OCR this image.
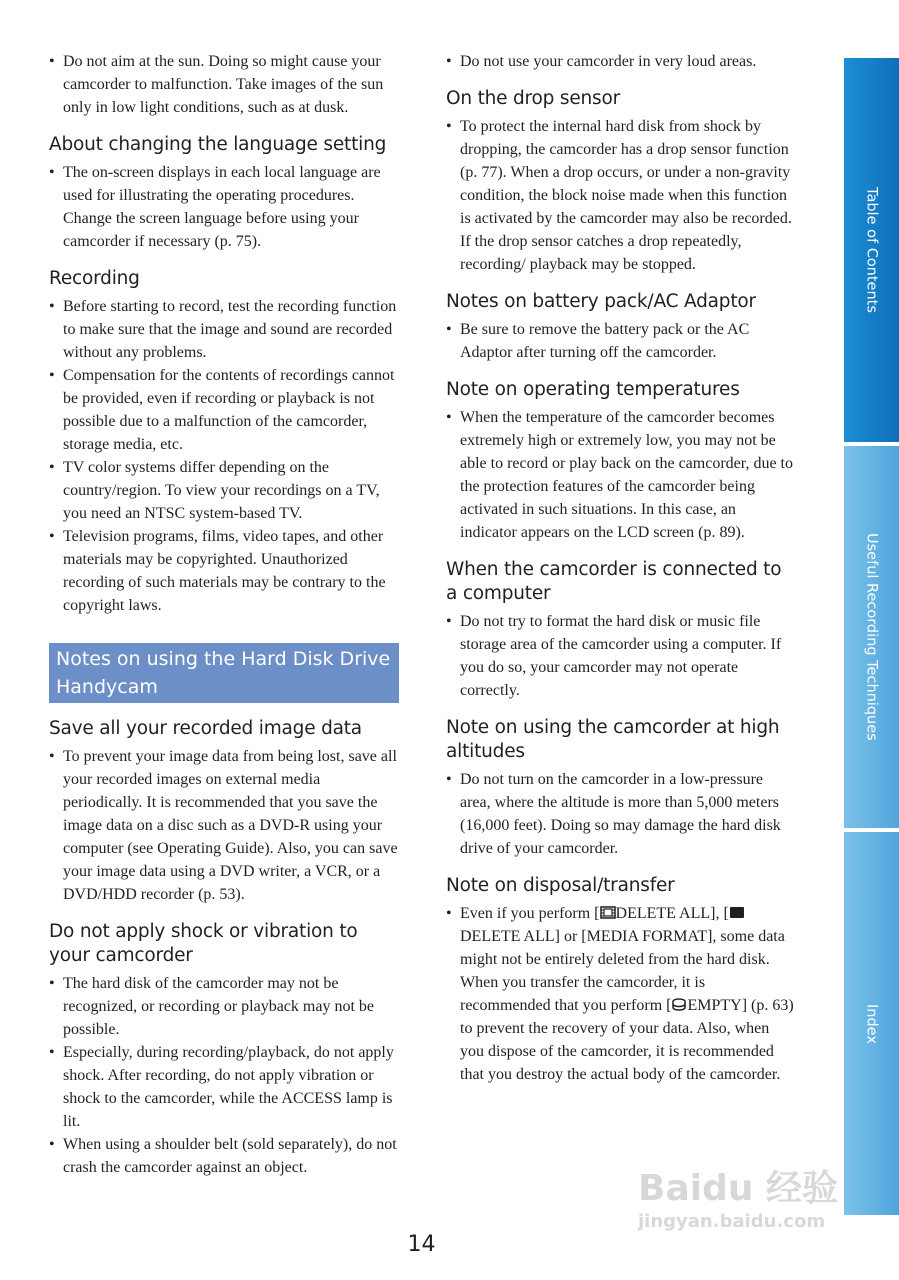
• Do not aim at the sun. Doing so might cause your camcorder to malfunction. Take images of the sun only in low light conditions, such as at dusk.
About changing the language setting
• The on-screen displays in each local language are used for illustrating the operating procedures. Change the screen language before using your camcorder if necessary (p. 75).
Recording
• Before starting to record, test the recording function to make sure that the image and sound are recorded without any problems.
• Compensation for the contents of recordings cannot be provided, even if recording or playback is not possible due to a malfunction of the camcorder, storage media, etc.
• TV color systems differ depending on the country/region. To view your recordings on a TV, you need an NTSC system-based TV.
• Television programs, films, video tapes, and other materials may be copyrighted. Unauthorized recording of such materials may be contrary to the copyright laws.
Notes on using the Hard Disk Drive Handycam
Save all your recorded image data
• To prevent your image data from being lost, save all your recorded images on external media periodically. It is recommended that you save the image data on a disc such as a DVD-R using your computer (see Operating Guide). Also, you can save your image data using a DVD writer, a VCR, or a DVD/HDD recorder (p. 53).
Do not apply shock or vibration to your camcorder
• The hard disk of the camcorder may not be recognized, or recording or playback may not be possible.
• Especially, during recording/playback, do not apply shock. After recording, do not apply vibration or shock to the camcorder, while the ACCESS lamp is lit.
• When using a shoulder belt (sold separately), do not crash the camcorder against an object.
• Do not use your camcorder in very loud areas.
On the drop sensor
• To protect the internal hard disk from shock by dropping, the camcorder has a drop sensor function (p. 77). When a drop occurs, or under a non-gravity condition, the block noise made when this function is activated by the camcorder may also be recorded. If the drop sensor catches a drop repeatedly, recording/ playback may be stopped.
Notes on battery pack/AC Adaptor
• Be sure to remove the battery pack or the AC Adaptor after turning off the camcorder.
Note on operating temperatures
• When the temperature of the camcorder becomes extremely high or extremely low, you may not be able to record or play back on the camcorder, due to the protection features of the camcorder being activated in such situations. In this case, an indicator appears on the LCD screen (p. 89).
When the camcorder is connected to a computer
• Do not try to format the hard disk or music file storage area of the camcorder using a computer. If you do so, your camcorder may not operate correctly.
Note on using the camcorder at high altitudes
• Do not turn on the camcorder in a low-pressure area, where the altitude is more than 5,000 meters (16,000 feet). Doing so may damage the hard disk drive of your camcorder.
Note on disposal/transfer
• Even if you perform [ DELETE ALL], [DELETE ALL] or [MEDIA FORMAT], some data might not be entirely deleted from the hard disk. When you transfer the camcorder, it is recommended that you perform [ EMPTY] (p. 63) to prevent the recovery of your data. Also, when you dispose of the camcorder, it is recommended that you destroy the actual body of the camcorder.
Table of Contents
Useful Recording Techniques
Index
14
Baidu 经验
jingyan.baidu.com
